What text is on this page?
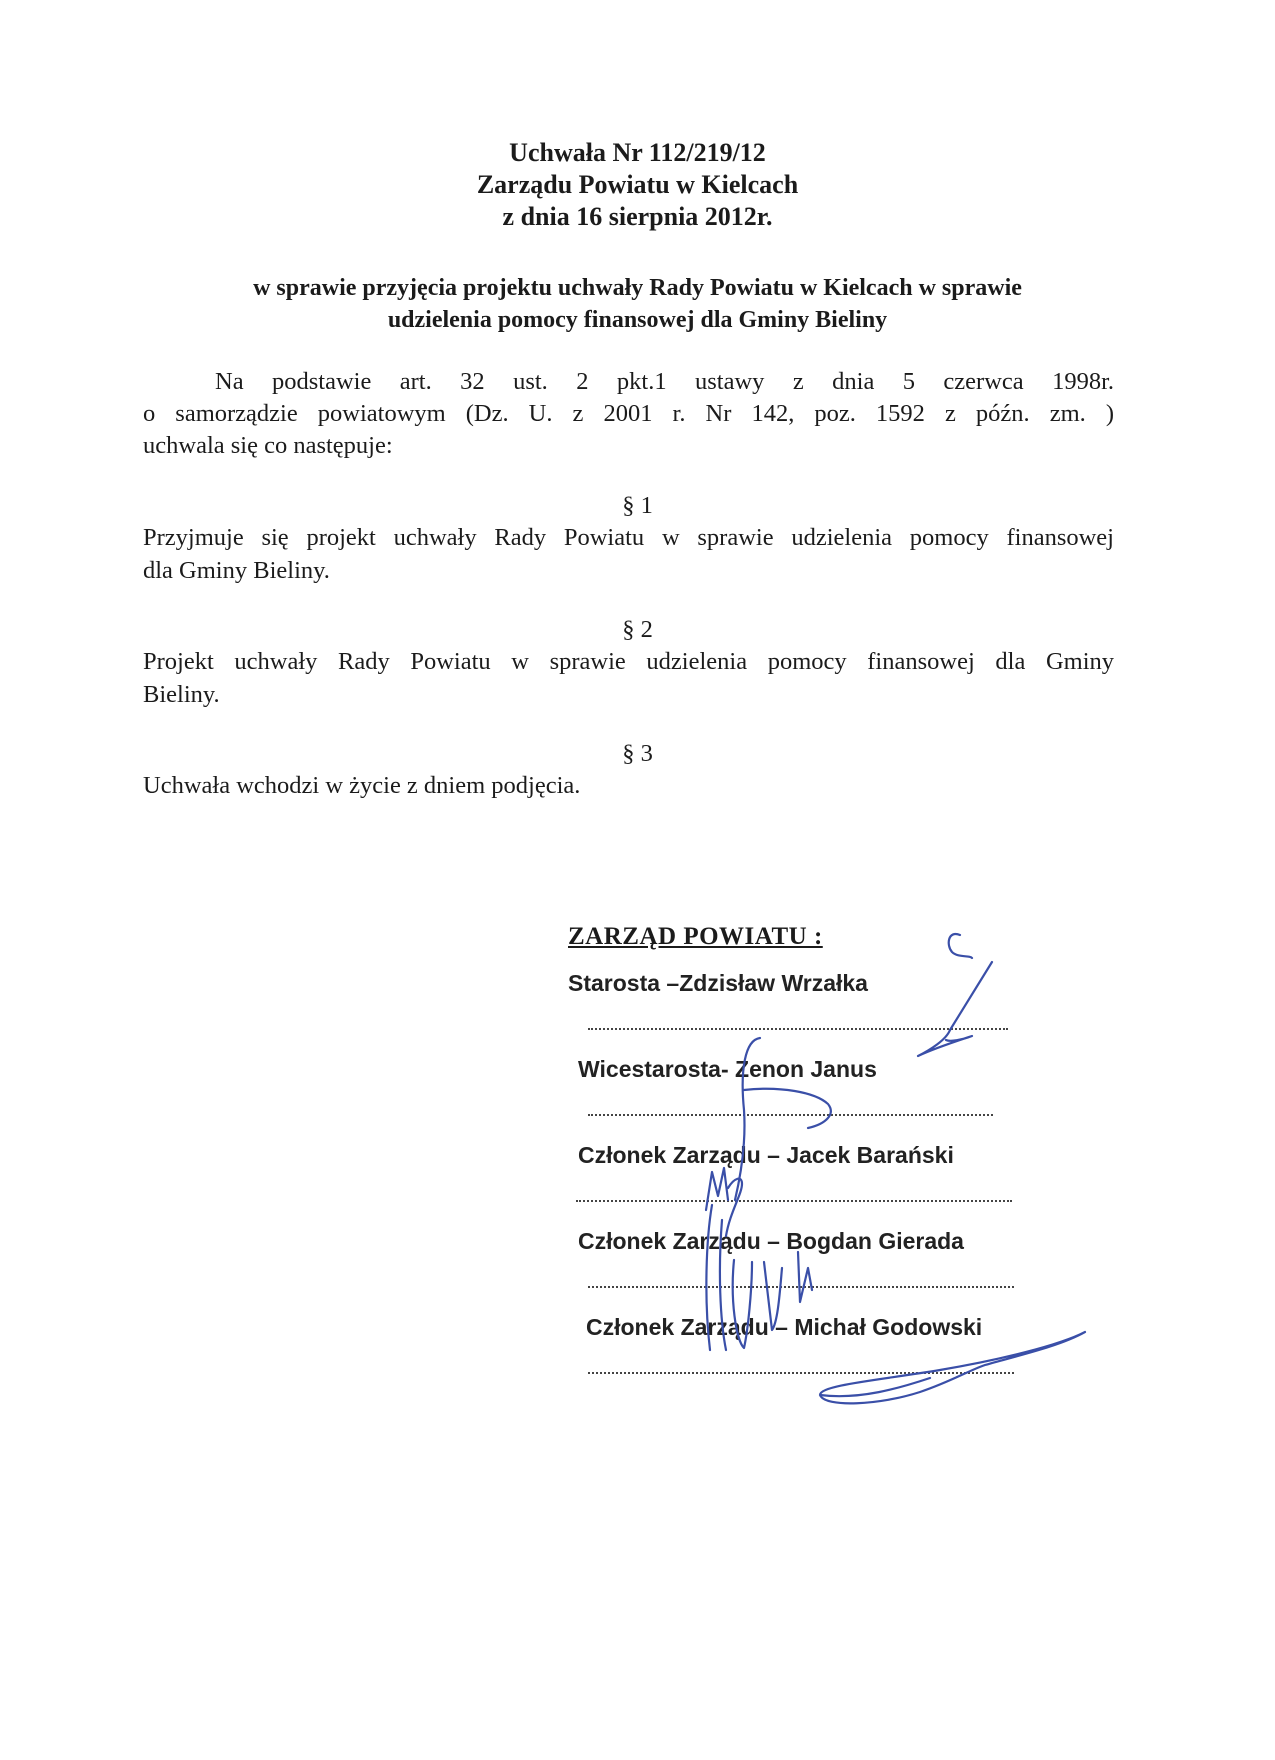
Uchwała Nr 112/219/12
Zarządu Powiatu w Kielcach
z dnia 16 sierpnia 2012r.
w sprawie przyjęcia projektu uchwały Rady Powiatu w Kielcach w sprawie
udzielenia pomocy finansowej dla Gminy Bieliny
Na podstawie art. 32 ust. 2 pkt.1 ustawy z dnia 5 czerwca 1998r.
o samorządzie powiatowym (Dz. U. z 2001 r. Nr 142, poz. 1592 z późn. zm. )
uchwala się co następuje:
§ 1
Przyjmuje się projekt uchwały Rady Powiatu w sprawie udzielenia pomocy finansowej
dla Gminy Bieliny.
§ 2
Projekt uchwały Rady Powiatu w sprawie udzielenia pomocy finansowej dla Gminy
Bieliny.
§ 3
Uchwała wchodzi w życie z dniem podjęcia.
ZARZĄD POWIATU :
Starosta –Zdzisław Wrzałka
Wicestarosta- Zenon Janus
Członek Zarządu – Jacek Barański
Członek Zarządu – Bogdan Gierada
Członek Zarządu – Michał Godowski
